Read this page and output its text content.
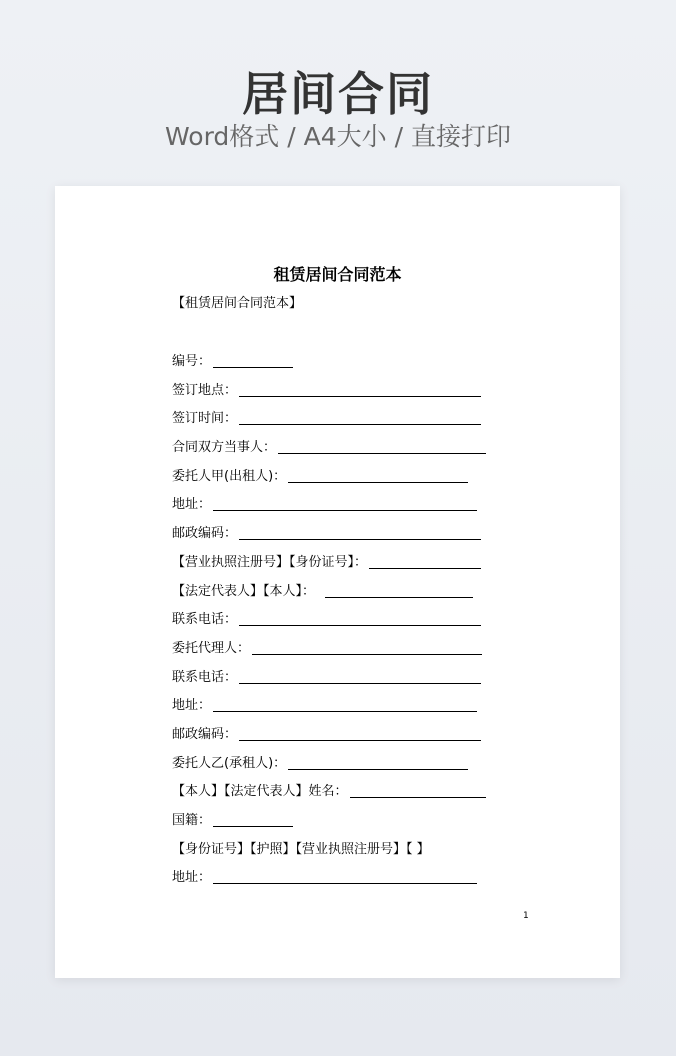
居间合同
Word格式 / A4大小 / 直接打印
租赁居间合同范本
【租赁居间合同范本】
编号：
签订地点：
签订时间：
合同双方当事人：
委托人甲(出租人)：
地址：
邮政编码：
【营业执照注册号】【身份证号】：
【法定代表人】【本人】：
联系电话：
委托代理人：
联系电话：
地址：
邮政编码：
委托人乙(承租人)：
【本人】【法定代表人】姓名：
国籍：
【身份证号】【护照】【营业执照注册号】【 】
地址：
1
